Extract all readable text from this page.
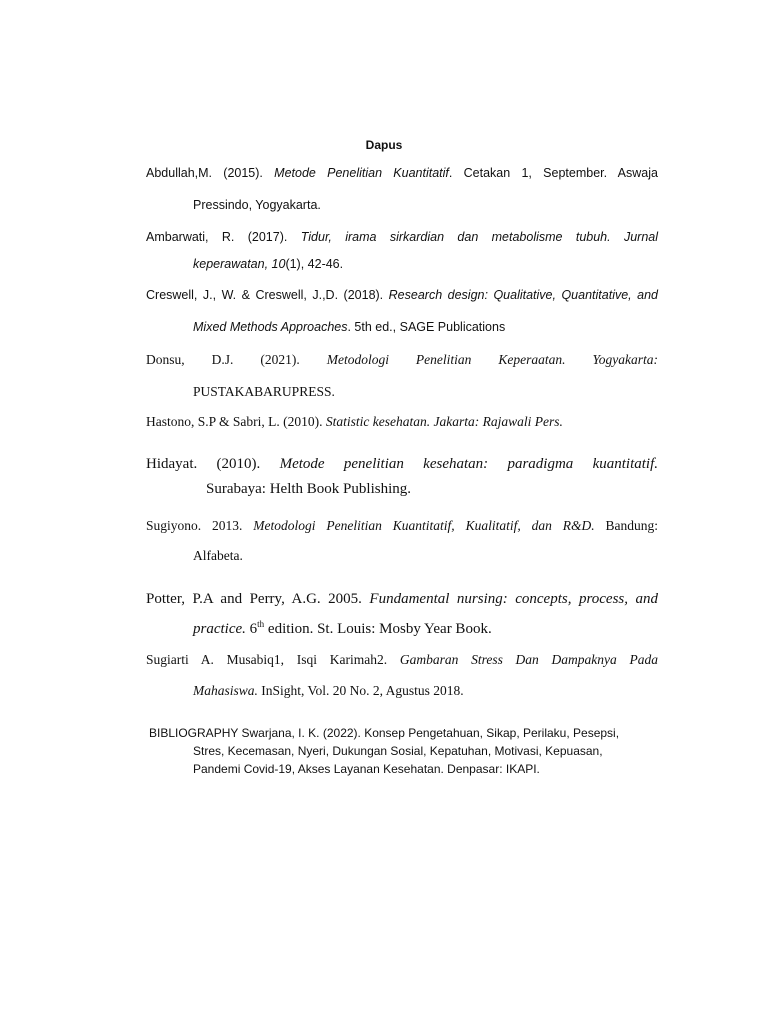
Dapus
Abdullah,M. (2015). Metode Penelitian Kuantitatif. Cetakan 1, September. Aswaja
Pressindo, Yogyakarta.
Ambarwati, R. (2017). Tidur, irama sirkardian dan metabolisme tubuh. Jurnal
keperawatan, 10(1), 42-46.
Creswell, J., W. & Creswell, J.,D. (2018). Research design: Qualitative, Quantitative, and
Mixed Methods Approaches. 5th ed., SAGE Publications
Donsu, D.J. (2021). Metodologi Penelitian Keperaatan. Yogyakarta:
PUSTAKABARUPRESS.
Hastono, S.P & Sabri, L. (2010). Statistic kesehatan. Jakarta: Rajawali Pers.
Hidayat. (2010). Metode penelitian kesehatan: paradigma kuantitatif.
Surabaya: Helth Book Publishing.
Sugiyono. 2013. Metodologi Penelitian Kuantitatif, Kualitatif, dan R&D. Bandung:
Alfabeta.
Potter, P.A and Perry, A.G. 2005. Fundamental nursing: concepts, process, and
practice. 6th edition. St. Louis: Mosby Year Book.
Sugiarti A. Musabiq1, Isqi Karimah2. Gambaran Stress Dan Dampaknya Pada
Mahasiswa. InSight, Vol. 20 No. 2, Agustus 2018.
BIBLIOGRAPHY Swarjana, I. K. (2022). Konsep Pengetahuan, Sikap, Perilaku, Pesepsi,
Stres, Kecemasan, Nyeri, Dukungan Sosial, Kepatuhan, Motivasi, Kepuasan,
Pandemi Covid-19, Akses Layanan Kesehatan. Denpasar: IKAPI.
